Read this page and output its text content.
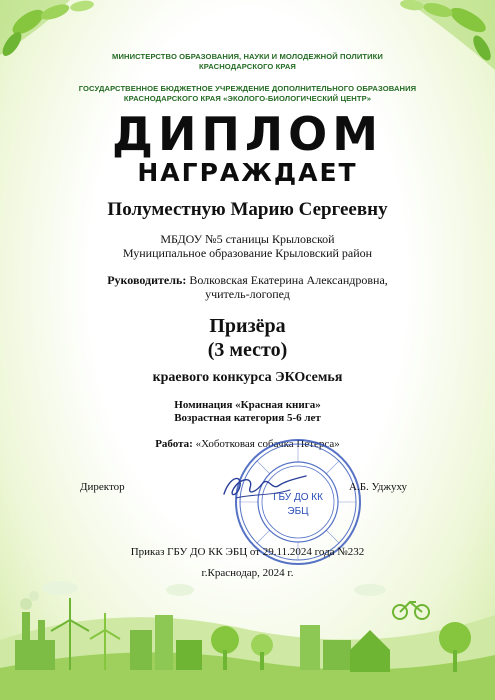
МИНИСТЕРСТВО ОБРАЗОВАНИЯ, НАУКИ И МОЛОДЕЖНОЙ ПОЛИТИКИ
КРАСНОДАРСКОГО КРАЯ
ГОСУДАРСТВЕННОЕ БЮДЖЕТНОЕ УЧРЕЖДЕНИЕ ДОПОЛНИТЕЛЬНОГО ОБРАЗОВАНИЯ
КРАСНОДАРСКОГО КРАЯ «ЭКОЛОГО-БИОЛОГИЧЕСКИЙ ЦЕНТР»
ДИПЛОМ
НАГРАЖДАЕТ
Полуместную Марию Сергеевну
МБДОУ №5 станицы Крыловской
Муниципальное образование Крыловский район
Руководитель: Волковская Екатерина Александровна,
учитель-логопед
Призёра
(3 место)
краевого конкурса ЭКОсемья
Номинация «Красная книга»
Возрастная категория 5-6 лет
Работа: «Хоботковая собачка Петерса»
ГБУ ДО КК
ЭБЦ
Директор	А.Б. Уджуху
Приказ ГБУ ДО КК ЭБЦ от 29.11.2024 года №232
г.Краснодар, 2024 г.
